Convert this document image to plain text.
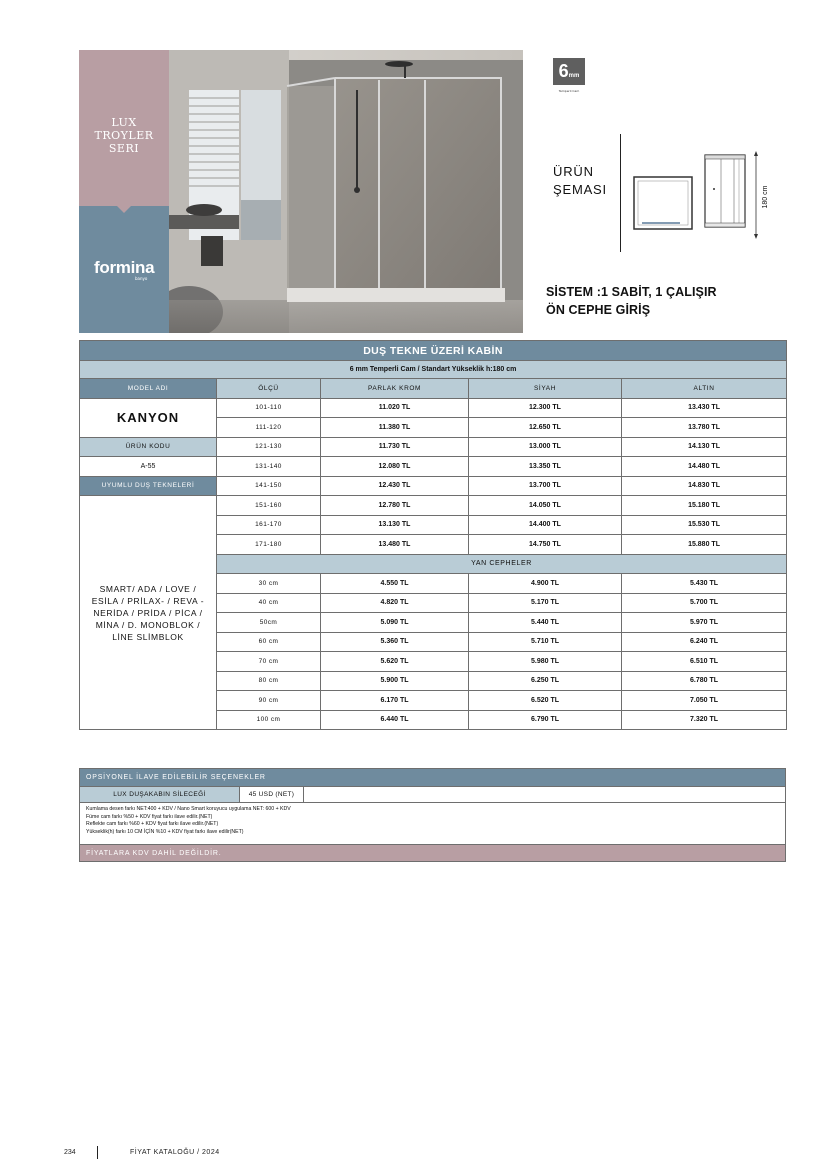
LUX
TROYLER
SERI
formina
banyo
6mm
Temperli Cam
ÜRÜN
ŞEMASI	180 cm
SİSTEM :1 SABİT, 1 ÇALIŞIR
ÖN CEPHE GİRİŞ
DUŞ TEKNE ÜZERİ KABİN				
6 mm Temperli Cam / Standart Yükseklik h:180 cm				
MODEL ADI	ÖLÇÜ	PARLAK KROM	SİYAH	ALTIN
KANYON	101-110	11.020 TL	12.300 TL	13.430 TL
	111-120	11.380 TL	12.650 TL	13.780 TL
ÜRÜN KODU	121-130	11.730 TL	13.000 TL	14.130 TL
A-55	131-140	12.080 TL	13.350 TL	14.480 TL
UYUMLU DUŞ TEKNELERİ	141-150	12.430 TL	13.700 TL	14.830 TL
SMART/ ADA / LOVE / ESİLA / PRİLAX- / REVA -NERİDA / PRİDA / PİCA / MİNA / D. MONOBLOK / LİNE SLİMBLOK	151-160	12.780 TL	14.050 TL	15.180 TL
	161-170	13.130 TL	14.400 TL	15.530 TL
	171-180	13.480 TL	14.750 TL	15.880 TL
	YAN CEPHELER			
	30 cm	4.550 TL	4.900 TL	5.430 TL
	40 cm	4.820 TL	5.170 TL	5.700 TL
	50cm	5.090 TL	5.440 TL	5.970 TL
	60 cm	5.360 TL	5.710 TL	6.240 TL
	70 cm	5.620 TL	5.980 TL	6.510 TL
	80 cm	5.900 TL	6.250 TL	6.780 TL
	90 cm	6.170 TL	6.520 TL	7.050 TL
	100 cm	6.440 TL	6.790 TL	7.320 TL
OPSİYONEL İLAVE EDİLEBİLİR SEÇENEKLER
LUX DUŞAKABIN SİLECEĞİ	45 USD (NET)
Kumlama desen farkı NET:400 + KDV / Nano Smart koruyucu uygulama NET: 600 + KDV
Füme cam farkı %50 + KDV fiyat farkı ilave edilir.(NET)
Reflekte cam farkı %60 + KDV fiyat farkı ilave edilir.(NET)
Yükseklik(h) farkı 10 CM İÇİN %10 + KDV fiyat farkı ilave edilir(NET)
FİYATLARA KDV DAHİL DEĞİLDİR.
234	FİYAT KATALOĞU / 2024
